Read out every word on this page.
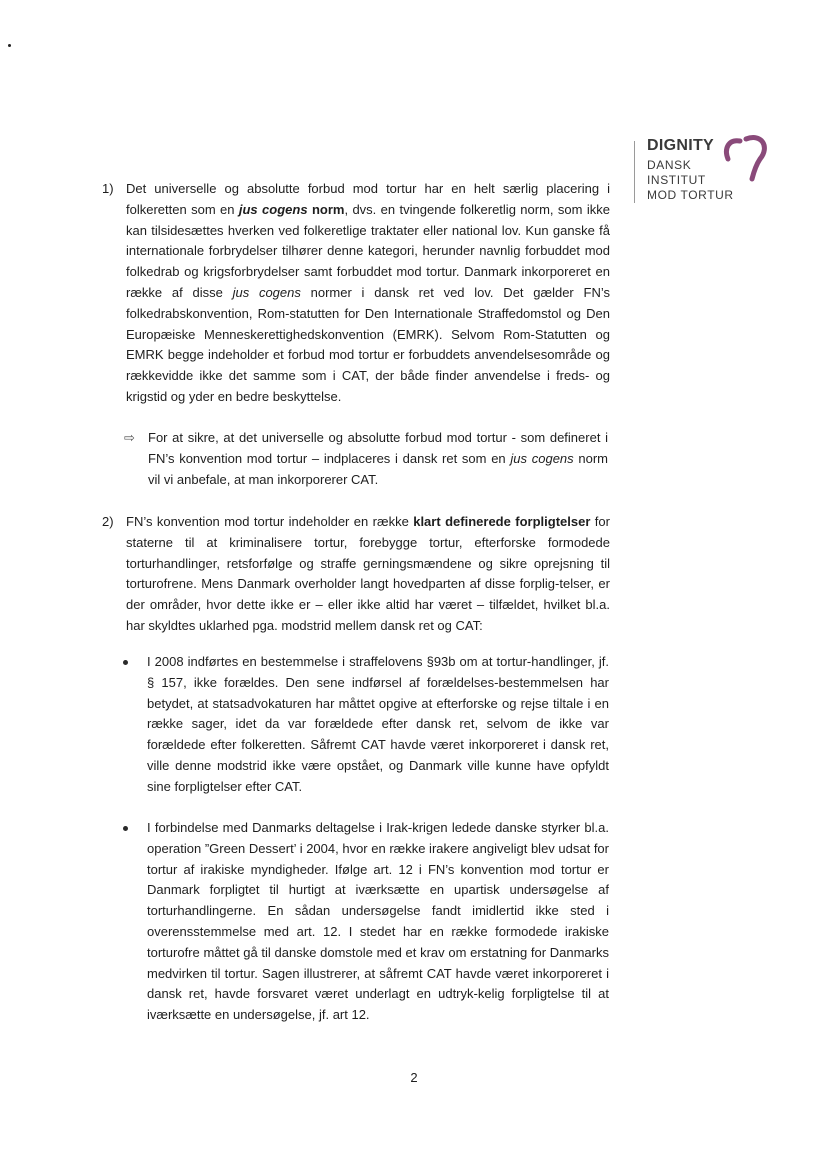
DIGNITY
DANSK
INSTITUT
MOD TORTUR
1) Det universelle og absolutte forbud mod tortur har en helt særlig placering i folkeretten som en jus cogens norm, dvs. en tvingende folkeretlig norm, som ikke kan tilsidesættes hverken ved folkeretlige traktater eller national lov. Kun ganske få internationale forbrydelser tilhører denne kategori, herunder navnlig forbuddet mod folkedrab og krigsforbrydelser samt forbuddet mod tortur. Danmark inkorporeret en række af disse jus cogens normer i dansk ret ved lov. Det gælder FN’s folkedrabskonvention, Rom-statutten for Den Internationale Straffedomstol og Den Europæiske Menneskerettighedskonvention (EMRK). Selvom Rom-Statutten og EMRK begge indeholder et forbud mod tortur er forbuddets anvendelsesområde og rækkevidde ikke det samme som i CAT, der både finder anvendelse i freds- og krigstid og yder en bedre beskyttelse.
⇨ For at sikre, at det universelle og absolutte forbud mod tortur - som defineret i FN’s konvention mod tortur – indplaceres i dansk ret som en jus cogens norm vil vi anbefale, at man inkorporerer CAT.
2) FN’s konvention mod tortur indeholder en række klart definerede forpligtelser for staterne til at kriminalisere tortur, forebygge tortur, efterforske formodede torturhandlinger, retsforfølge og straffe gerningsmændene og sikre oprejsning til torturofrene. Mens Danmark overholder langt hovedparten af disse forplig-telser, er der områder, hvor dette ikke er – eller ikke altid har været – tilfældet, hvilket bl.a. har skyldtes uklarhed pga. modstrid mellem dansk ret og CAT:
I 2008 indførtes en bestemmelse i straffelovens §93b om at tortur-handlinger, jf. § 157, ikke forældes. Den sene indførsel af forældelses-bestemmelsen har betydet, at statsadvokaturen har måttet opgive at efterforske og rejse tiltale i en række sager, idet da var forældede efter dansk ret, selvom de ikke var forældede efter folkeretten. Såfremt CAT havde været inkorporeret i dansk ret, ville denne modstrid ikke være opstået, og Danmark ville kunne have opfyldt sine forpligtelser efter CAT.
I forbindelse med Danmarks deltagelse i Irak-krigen ledede danske styrker bl.a. operation ”Green Dessert’ i 2004, hvor en række irakere angiveligt blev udsat for tortur af irakiske myndigheder. Ifølge art. 12 i FN’s konvention mod tortur er Danmark forpligtet til hurtigt at iværksætte en upartisk undersøgelse af torturhandlingerne. En sådan undersøgelse fandt imidlertid ikke sted i overensstemmelse med art. 12. I stedet har en række formodede irakiske torturofre måttet gå til danske domstole med et krav om erstatning for Danmarks medvirken til tortur. Sagen illustrerer, at såfremt CAT havde været inkorporeret i dansk ret, havde forsvaret været underlagt en udtryk-kelig forpligtelse til at iværksætte en undersøgelse, jf. art 12.
2
